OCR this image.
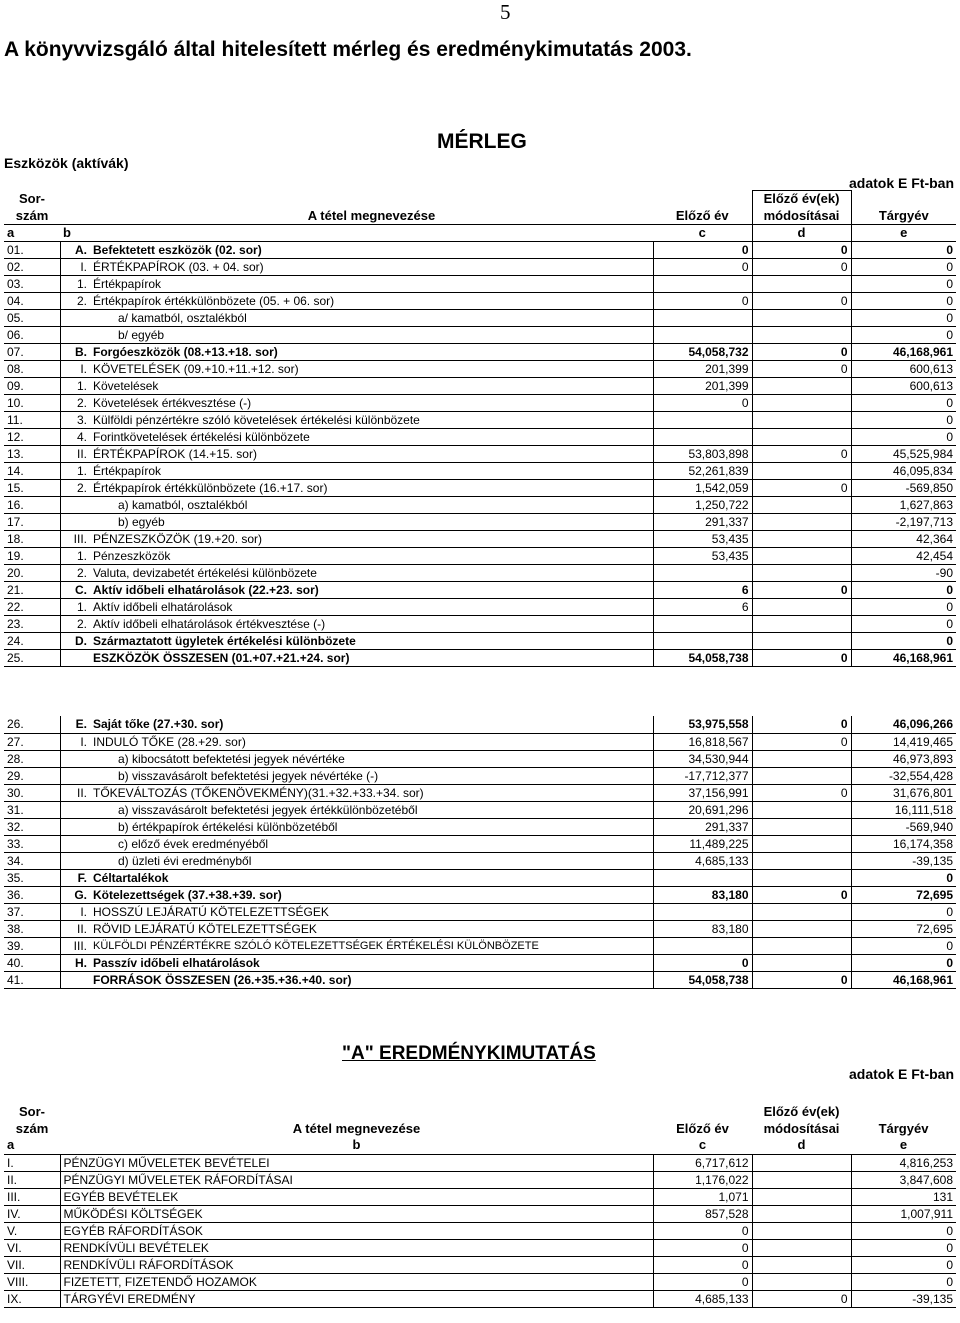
5
A könyvvizsgáló által hitelesített mérleg és eredménykimutatás 2003.
MÉRLEG
Eszközök (aktívák)
adatok E Ft-ban
Sor-				Előző év(ek)	
szám		A tétel megnevezése	Előző év	módosításai	Tárgyév
a	b		c	d	e
01.	A.	Befektetett eszközök (02. sor)	0	0	0
02.	I.	ÉRTÉKPAPÍROK (03. + 04. sor)	0	0	0
03.	1.	Értékpapírok			0
04.	2.	Értékpapírok értékkülönbözete (05. + 06. sor)	0	0	0
05.		a/ kamatból, osztalékból			0
06.		b/ egyéb			0
07.	B.	Forgóeszközök (08.+13.+18. sor)	54,058,732	0	46,168,961
08.	I.	KÖVETELÉSEK (09.+10.+11.+12. sor)	201,399	0	600,613
09.	1.	Követelések	201,399		600,613
10.	2.	Követelések értékvesztése (-)	0		0
11.	3.	Külföldi pénzértékre szóló követelések értékelési különbözete			0
12.	4.	Forintkövetelések értékelési különbözete			0
13.	II.	ÉRTÉKPAPÍROK (14.+15. sor)	53,803,898	0	45,525,984
14.	1.	Értékpapírok	52,261,839		46,095,834
15.	2.	Értékpapírok értékkülönbözete (16.+17. sor)	1,542,059	0	-569,850
16.		a) kamatból, osztalékból	1,250,722		1,627,863
17.		b) egyéb	291,337		-2,197,713
18.	III.	PÉNZESZKÖZÖK (19.+20. sor)	53,435		42,364
19.	1.	Pénzeszközök	53,435		42,454
20.	2.	Valuta, devizabetét értékelési különbözete			-90
21.	C.	Aktív időbeli elhatárolások (22.+23. sor)	6	0	0
22.	1.	Aktív időbeli elhatárolások	6		0
23.	2.	Aktív időbeli elhatárolások értékvesztése (-)			0
24.	D.	Származtatott ügyletek értékelési különbözete			0
25.		ESZKÖZÖK ÖSSZESEN (01.+07.+21.+24. sor)	54,058,738	0	46,168,961
26.	E.	Saját tőke (27.+30. sor)	53,975,558	0	46,096,266
27.	I.	INDULÓ TŐKE (28.+29. sor)	16,818,567	0	14,419,465
28.		a) kibocsátott befektetési jegyek névértéke	34,530,944		46,973,893
29.		b) visszavásárolt befektetési jegyek névértéke (-)	-17,712,377		-32,554,428
30.	II.	TŐKEVÁLTOZÁS (TŐKENÖVEKMÉNY)(31.+32.+33.+34. sor)	37,156,991	0	31,676,801
31.		a) visszavásárolt befektetési jegyek értékkülönbözetéből	20,691,296		16,111,518
32.		b) értékpapírok értékelési különbözetéből	291,337		-569,940
33.		c) előző évek eredményéből	11,489,225		16,174,358
34.		d) üzleti évi eredményből	4,685,133		-39,135
35.	F.	Céltartalékok			0
36.	G.	Kötelezettségek (37.+38.+39. sor)	83,180	0	72,695
37.	I.	HOSSZÚ LEJÁRATÚ KÖTELEZETTSÉGEK			0
38.	II.	RÖVID LEJÁRATÚ KÖTELEZETTSÉGEK	83,180		72,695
39.	III.	KÜLFÖLDI PÉNZÉRTÉKRE SZÓLÓ KÖTELEZETTSÉGEK ÉRTÉKELÉSI KÜLÖNBÖZETE			0
40.	H.	Passzív időbeli elhatárolások	0		0
41.		FORRÁSOK ÖSSZESEN (26.+35.+36.+40. sor)	54,058,738	0	46,168,961
"A" EREDMÉNYKIMUTATÁS
adatok E Ft-ban
Sor-			Előző év(ek)	
szám	A tétel megnevezése	Előző év	módosításai	Tárgyév
a	b	c	d	e
I.	PÉNZÜGYI MŰVELETEK BEVÉTELEI	6,717,612		4,816,253
II.	PÉNZÜGYI MŰVELETEK RÁFORDÍTÁSAI	1,176,022		3,847,608
III.	EGYÉB BEVÉTELEK	1,071		131
IV.	MŰKÖDÉSI KÖLTSÉGEK	857,528		1,007,911
V.	EGYÉB RÁFORDÍTÁSOK	0		0
VI.	RENDKÍVÜLI BEVÉTELEK	0		0
VII.	RENDKÍVÜLI RÁFORDÍTÁSOK	0		0
VIII.	FIZETETT, FIZETENDŐ HOZAMOK	0		0
IX.	TÁRGYÉVI EREDMÉNY	4,685,133	0	-39,135
